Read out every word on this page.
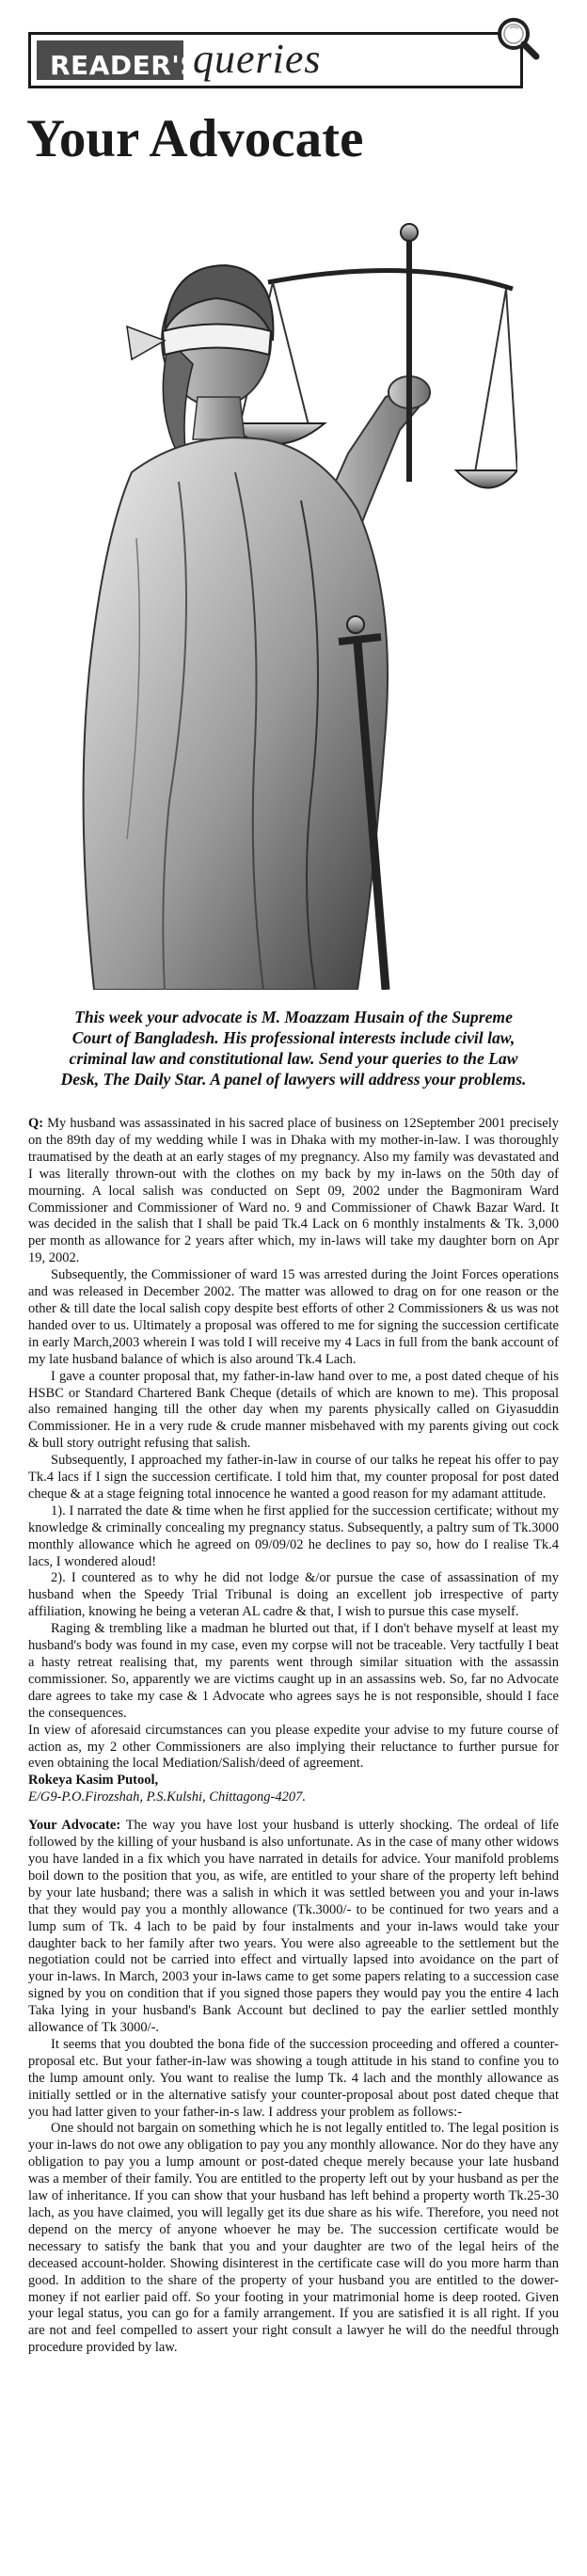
READER'S
queries
Your Advocate
This week your advocate is M. Moazzam Husain of the Supreme Court of Bangladesh. His professional interests include civil law, criminal law and constitutional law. Send your queries to the Law Desk, The Daily Star. A panel of lawyers will address your problems.

Q: My husband was assassinated in his sacred place of business on 12September 2001 precisely on the 89th day of my wedding while I was in Dhaka with my mother-in-law. I was thoroughly traumatised by the death at an early stages of my pregnancy. Also my family was devastated and I was literally thrown-out with the clothes on my back by my in-laws on the 50th day of mourning. A local salish was conducted on Sept 09, 2002 under the Bagmoniram Ward Commissioner and Commissioner of Ward no. 9 and Commissioner of Chawk Bazar Ward. It was decided in the salish that I shall be paid Tk.4 Lack on 6 monthly instalments & Tk. 3,000 per month as allowance for 2 years after which, my in-laws will take my daughter born on Apr 19, 2002.

Subsequently, the Commissioner of ward 15 was arrested during the Joint Forces operations and was released in December 2002. The matter was allowed to drag on for one reason or the other & till date the local salish copy despite best efforts of other 2 Commissioners & us was not handed over to us. Ultimately a proposal was offered to me for signing the succession certificate in early March,2003 wherein I was told I will receive my 4 Lacs in full from the bank account of my late husband balance of which is also around Tk.4 Lach.

I gave a counter proposal that, my father-in-law hand over to me, a post dated cheque of his HSBC or Standard Chartered Bank Cheque (details of which are known to me). This proposal also remained hanging till the other day when my parents physically called on Giyasuddin Commissioner. He in a very rude & crude manner misbehaved with my parents giving out cock & bull story outright refusing that salish.

Subsequently, I approached my father-in-law in course of our talks he repeat his offer to pay Tk.4 lacs if I sign the succession certificate. I told him that, my counter proposal for post dated cheque & at a stage feigning total innocence he wanted a good reason for my adamant attitude.

1). I narrated the date & time when he first applied for the succession certificate; without my knowledge & criminally concealing my pregnancy status. Subsequently, a paltry sum of Tk.3000 monthly allowance which he agreed on 09/09/02 he declines to pay so, how do I realise Tk.4 lacs, I wondered aloud!

2). I countered as to why he did not lodge &/or pursue the case of assassination of my husband when the Speedy Trial Tribunal is doing an excellent job irrespective of party affiliation, knowing he being a veteran AL cadre & that, I wish to pursue this case myself.

Raging & trembling like a madman he blurted out that, if I don't behave myself at least my husband's body was found in my case, even my corpse will not be traceable. Very tactfully I beat a hasty retreat realising that, my parents went through similar situation with the assassin commissioner. So, apparently we are victims caught up in an assassins web. So, far no Advocate dare agrees to take my case & 1 Advocate who agrees says he is not responsible, should I face the consequences.

In view of aforesaid circumstances can you please expedite your advise to my future course of action as, my 2 other Commissioners are also implying their reluctance to further pursue for even obtaining the local Mediation/Salish/deed of agreement.

Rokeya Kasim Putool,

E/G9-P.O.Firozshah, P.S.Kulshi, Chittagong-4207.

Your Advocate: The way you have lost your husband is utterly shocking. The ordeal of life followed by the killing of your husband is also unfortunate. As in the case of many other widows you have landed in a fix which you have narrated in details for advice. Your manifold problems boil down to the position that you, as wife, are entitled to your share of the property left behind by your late husband; there was a salish in which it was settled between you and your in-laws that they would pay you a monthly allowance (Tk.3000/- to be continued for two years and a lump sum of Tk. 4 lach to be paid by four instalments and your in-laws would take your daughter back to her family after two years. You were also agreeable to the settlement but the negotiation could not be carried into effect and virtually lapsed into avoidance on the part of your in-laws. In March, 2003 your in-laws came to get some papers relating to a succession case signed by you on condition that if you signed those papers they would pay you the entire 4 lach Taka lying in your husband's Bank Account but declined to pay the earlier settled monthly allowance of Tk 3000/-.

It seems that you doubted the bona fide of the succession proceeding and offered a counter-proposal etc. But your father-in-law was showing a tough attitude in his stand to confine you to the lump amount only. You want to realise the lump Tk. 4 lach and the monthly allowance as initially settled or in the alternative satisfy your counter-proposal about post dated cheque that you had latter given to your father-in-s law. I address your problem as follows:-

One should not bargain on something which he is not legally entitled to. The legal position is your in-laws do not owe any obligation to pay you any monthly allowance. Nor do they have any obligation to pay you a lump amount or post-dated cheque merely because your late husband was a member of their family. You are entitled to the property left out by your husband as per the law of inheritance. If you can show that your husband has left behind a property worth Tk.25-30 lach, as you have claimed, you will legally get its due share as his wife. Therefore, you need not depend on the mercy of anyone whoever he may be. The succession certificate would be necessary to satisfy the bank that you and your daughter are two of the legal heirs of the deceased account-holder. Showing disinterest in the certificate case will do you more harm than good. In addition to the share of the property of your husband you are entitled to the dower-money if not earlier paid off. So your footing in your matrimonial home is deep rooted. Given your legal status, you can go for a family arrangement. If you are satisfied it is all right. If you are not and feel compelled to assert your right consult a lawyer he will do the needful through procedure provided by law.
